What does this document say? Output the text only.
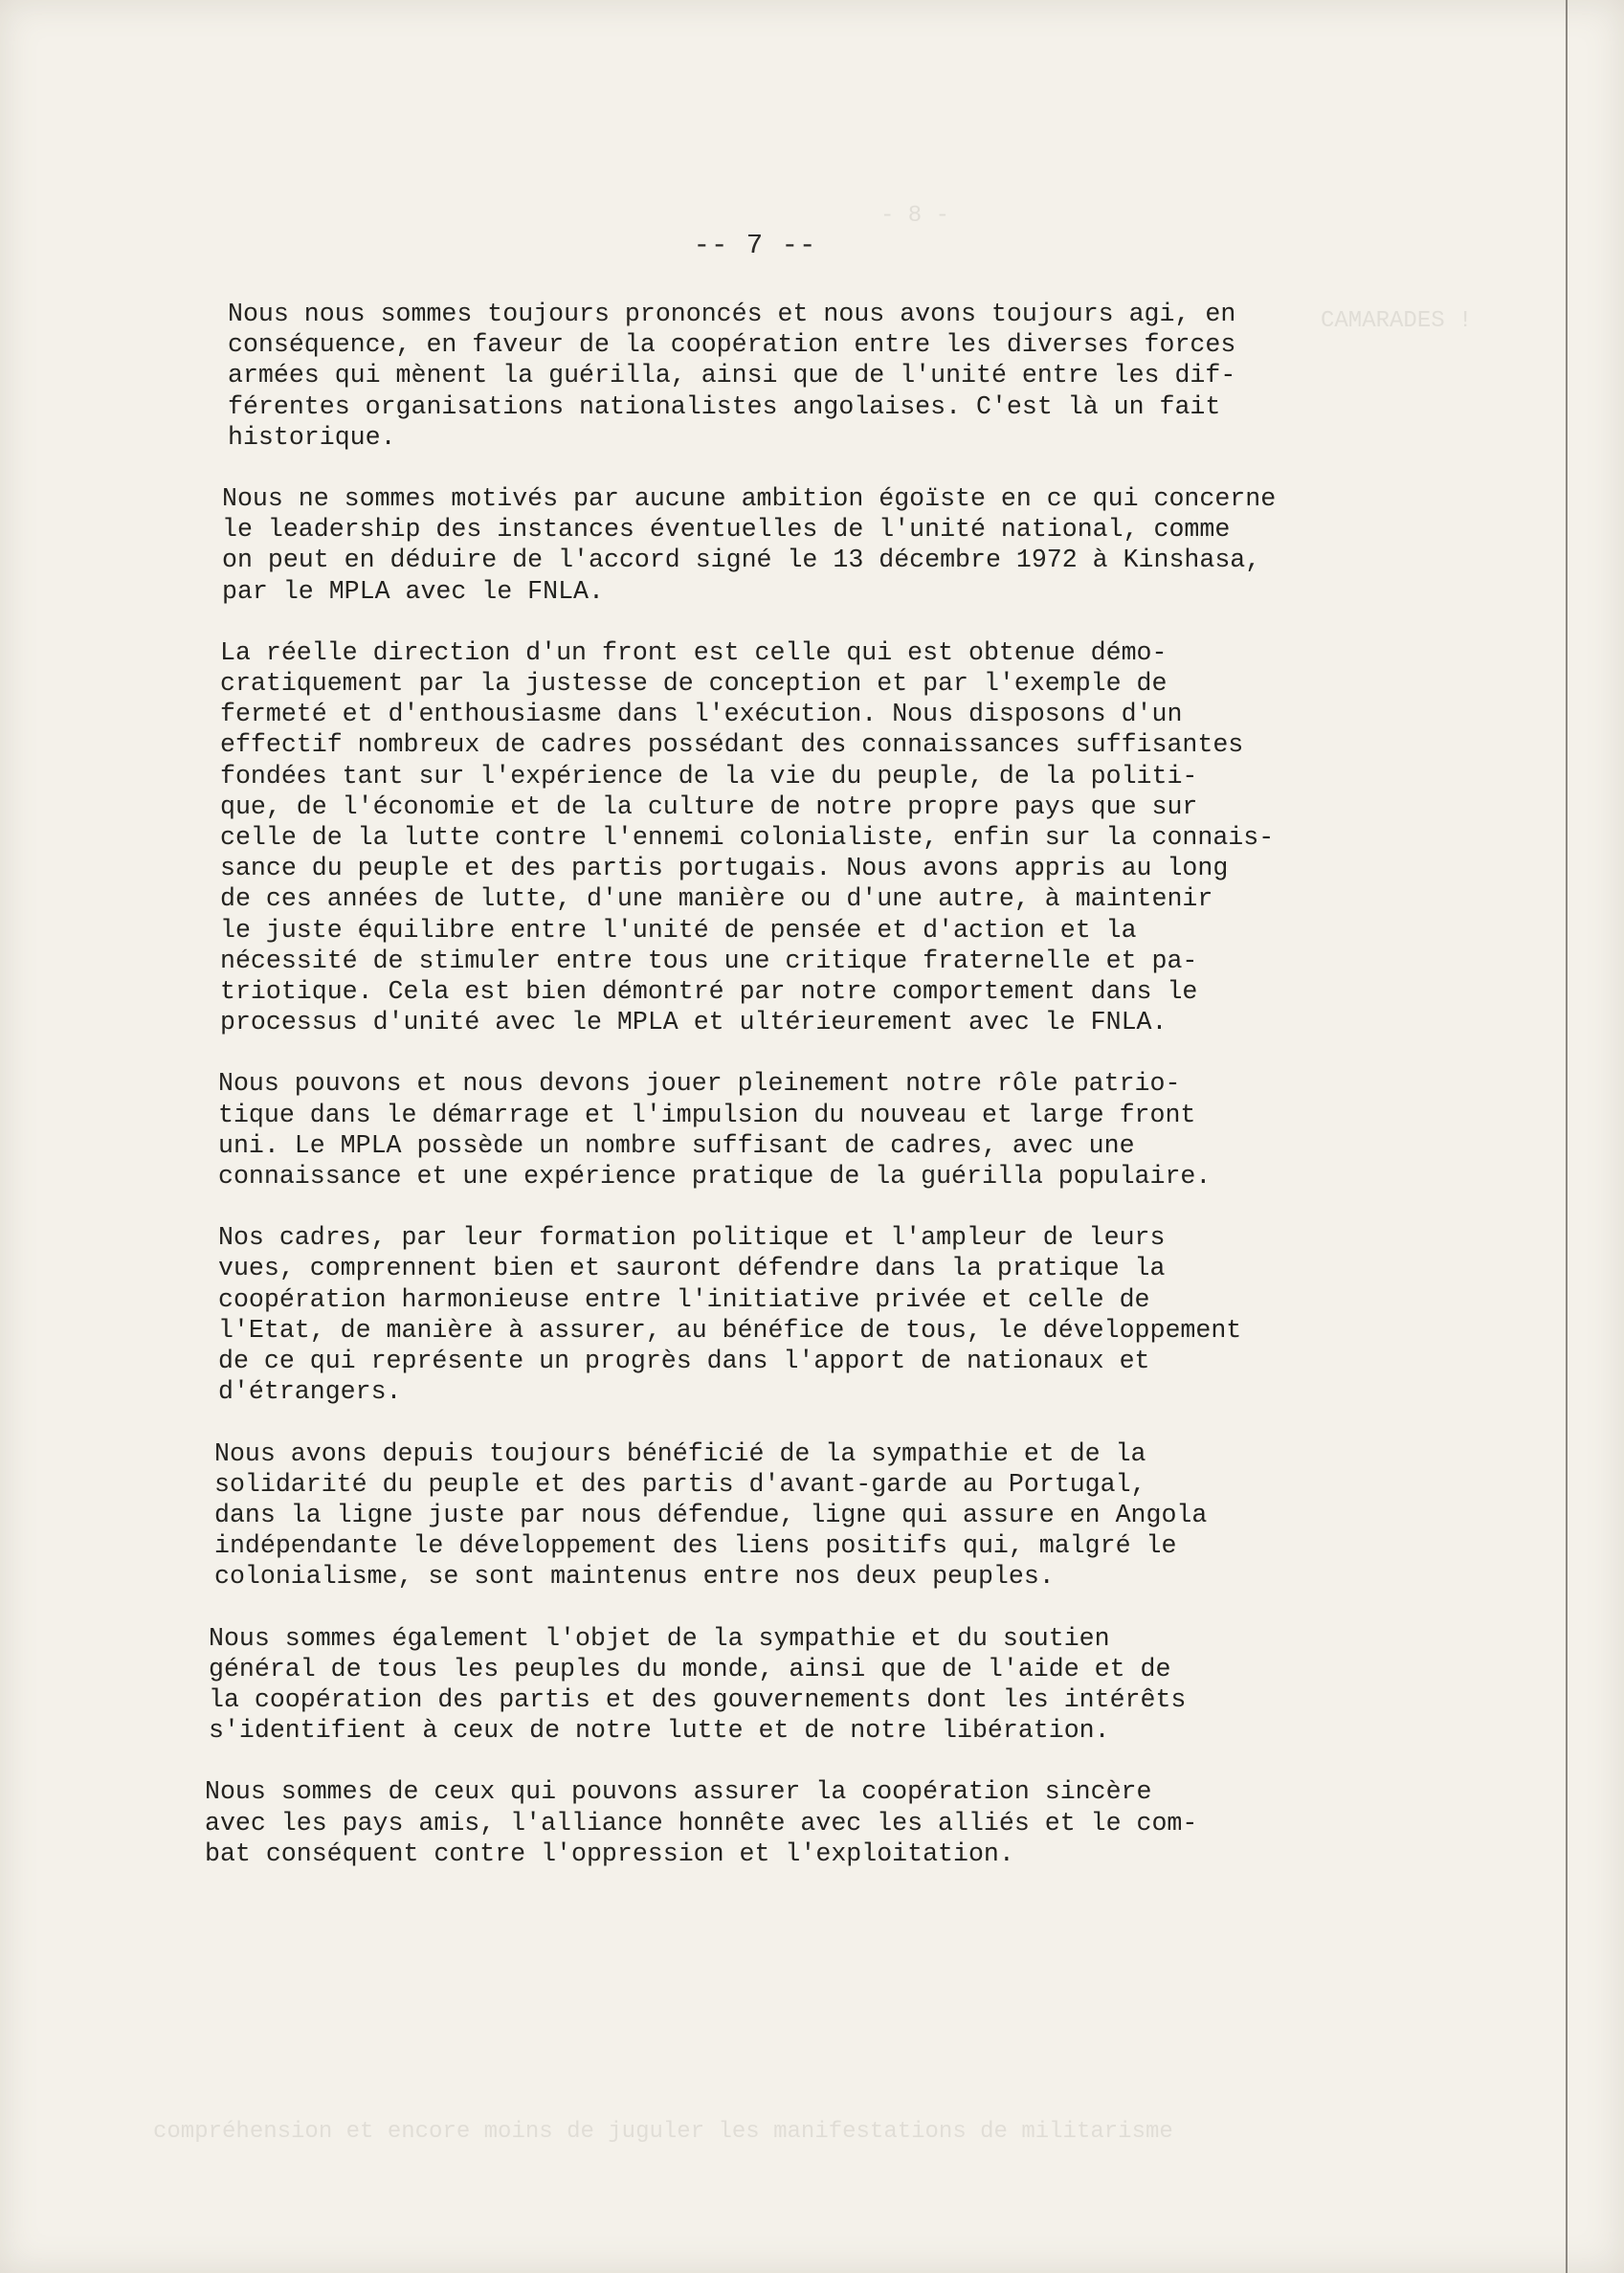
- 8 -
CAMARADES !
compréhension et encore moins de juguler les manifestations de militarisme
-- 7 --

Nous nous sommes toujours prononcés et nous avons toujours agi, en
conséquence, en faveur de la coopération entre les diverses forces
armées qui mènent la guérilla, ainsi que de l'unité entre les dif-
férentes organisations nationalistes angolaises. C'est là un fait
historique.

Nous ne sommes motivés par aucune ambition égoïste en ce qui concerne
le leadership des instances éventuelles de l'unité national, comme
on peut en déduire de l'accord signé le 13 décembre 1972 à Kinshasa,
par le MPLA avec le FNLA.

La réelle direction d'un front est celle qui est obtenue démo-
cratiquement par la justesse de conception et par l'exemple de
fermeté et d'enthousiasme dans l'exécution. Nous disposons d'un
effectif nombreux de cadres possédant des connaissances suffisantes
fondées tant sur l'expérience de la vie du peuple, de la politi-
que, de l'économie et de la culture de notre propre pays que sur
celle de la lutte contre l'ennemi colonialiste, enfin sur la connais-
sance du peuple et des partis portugais. Nous avons appris au long
de ces années de lutte, d'une manière ou d'une autre, à maintenir
le juste équilibre entre l'unité de pensée et d'action et la
nécessité de stimuler entre tous une critique fraternelle et pa-
triotique. Cela est bien démontré par notre comportement dans le
processus d'unité avec le MPLA et ultérieurement avec le FNLA.

Nous pouvons et nous devons jouer pleinement notre rôle patrio-
tique dans le démarrage et l'impulsion du nouveau et large front
uni. Le MPLA possède un nombre suffisant de cadres, avec une
connaissance et une expérience pratique de la guérilla populaire.

Nos cadres, par leur formation politique et l'ampleur de leurs
vues, comprennent bien et sauront défendre dans la pratique la
coopération harmonieuse entre l'initiative privée et celle de
l'Etat, de manière à assurer, au bénéfice de tous, le développement
de ce qui représente un progrès dans l'apport de nationaux et
d'étrangers.

Nous avons depuis toujours bénéficié de la sympathie et de la
solidarité du peuple et des partis d'avant-garde au Portugal,
dans la ligne juste par nous défendue, ligne qui assure en Angola
indépendante le développement des liens positifs qui, malgré le
colonialisme, se sont maintenus entre nos deux peuples.

Nous sommes également l'objet de la sympathie et du soutien
général de tous les peuples du monde, ainsi que de l'aide et de
la coopération des partis et des gouvernements dont les intérêts
s'identifient à ceux de notre lutte et de notre libération.

Nous sommes de ceux qui pouvons assurer la coopération sincère
avec les pays amis, l'alliance honnête avec les alliés et le com-
bat conséquent contre l'oppression et l'exploitation.
